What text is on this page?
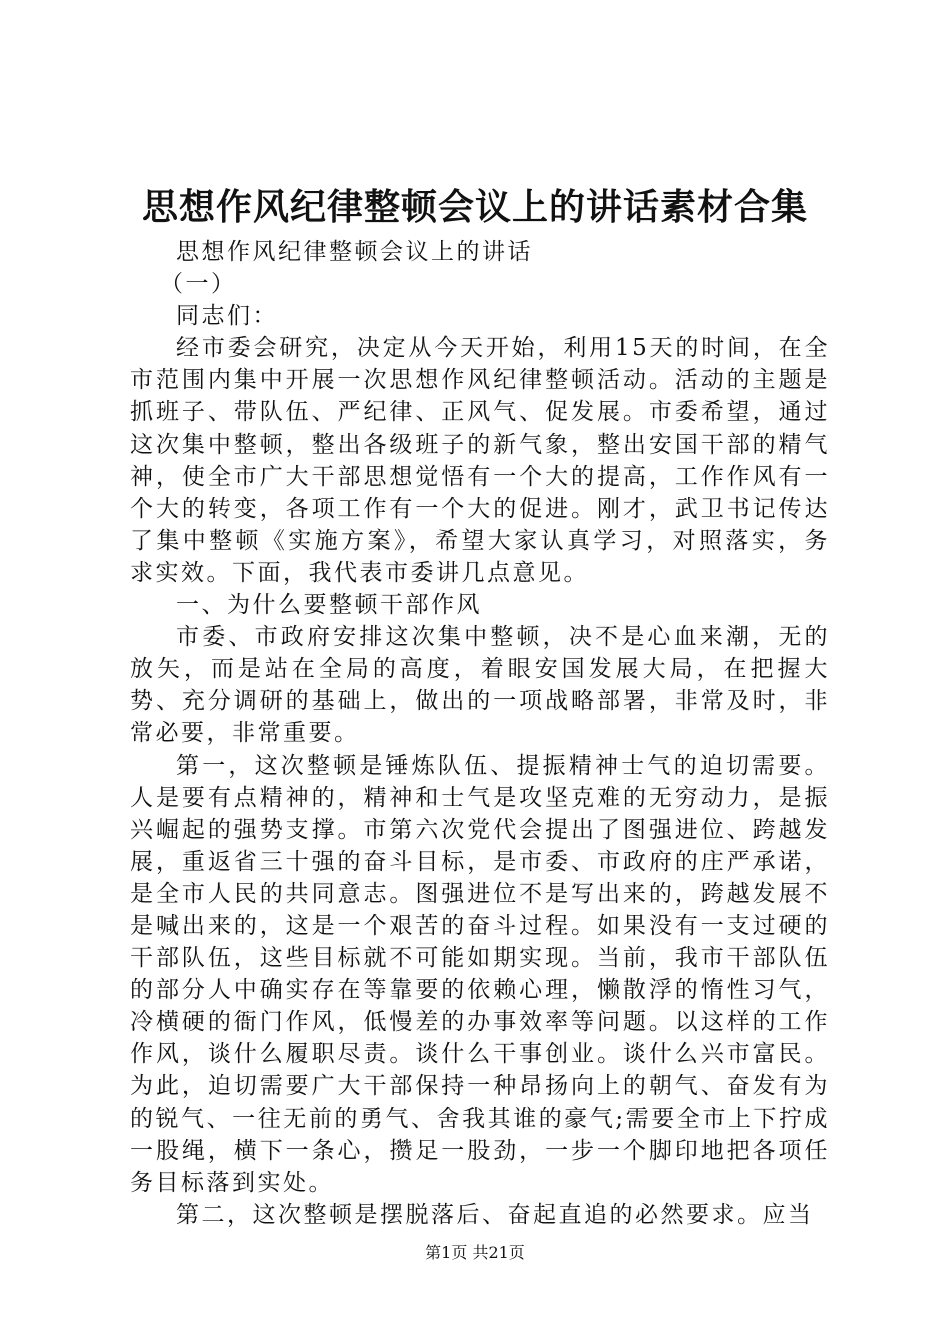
思想作风纪律整顿会议上的讲话素材合集

思想作风纪律整顿会议上的讲话

（一）

同志们：

经市委会研究，决定从今天开始，利用15天的时间，在全市范围内集中开展一次思想作风纪律整顿活动。活动的主题是抓班子、带队伍、严纪律、正风气、促发展。市委希望，通过这次集中整顿，整出各级班子的新气象，整出安国干部的精气神，使全市广大干部思想觉悟有一个大的提高，工作作风有一个大的转变，各项工作有一个大的促进。刚才，武卫书记传达了集中整顿《实施方案》，希望大家认真学习，对照落实，务求实效。下面，我代表市委讲几点意见。

一、为什么要整顿干部作风

市委、市政府安排这次集中整顿，决不是心血来潮，无的放矢，而是站在全局的高度，着眼安国发展大局，在把握大势、充分调研的基础上，做出的一项战略部署，非常及时，非常必要，非常重要。

第一，这次整顿是锤炼队伍、提振精神士气的迫切需要。人是要有点精神的，精神和士气是攻坚克难的无穷动力，是振兴崛起的强势支撑。市第六次党代会提出了图强进位、跨越发展，重返省三十强的奋斗目标，是市委、市政府的庄严承诺，是全市人民的共同意志。图强进位不是写出来的，跨越发展不是喊出来的，这是一个艰苦的奋斗过程。如果没有一支过硬的干部队伍，这些目标就不可能如期实现。当前，我市干部队伍的部分人中确实存在等靠要的依赖心理，懒散浮的惰性习气，冷横硬的衙门作风，低慢差的办事效率等问题。以这样的工作作风，谈什么履职尽责。谈什么干事创业。谈什么兴市富民。为此，迫切需要广大干部保持一种昂扬向上的朝气、奋发有为的锐气、一往无前的勇气、舍我其谁的豪气;需要全市上下拧成一股绳，横下一条心，攒足一股劲，一步一个脚印地把各项任务目标落到实处。

第二，这次整顿是摆脱落后、奋起直追的必然要求。应当

第1页 共21页
